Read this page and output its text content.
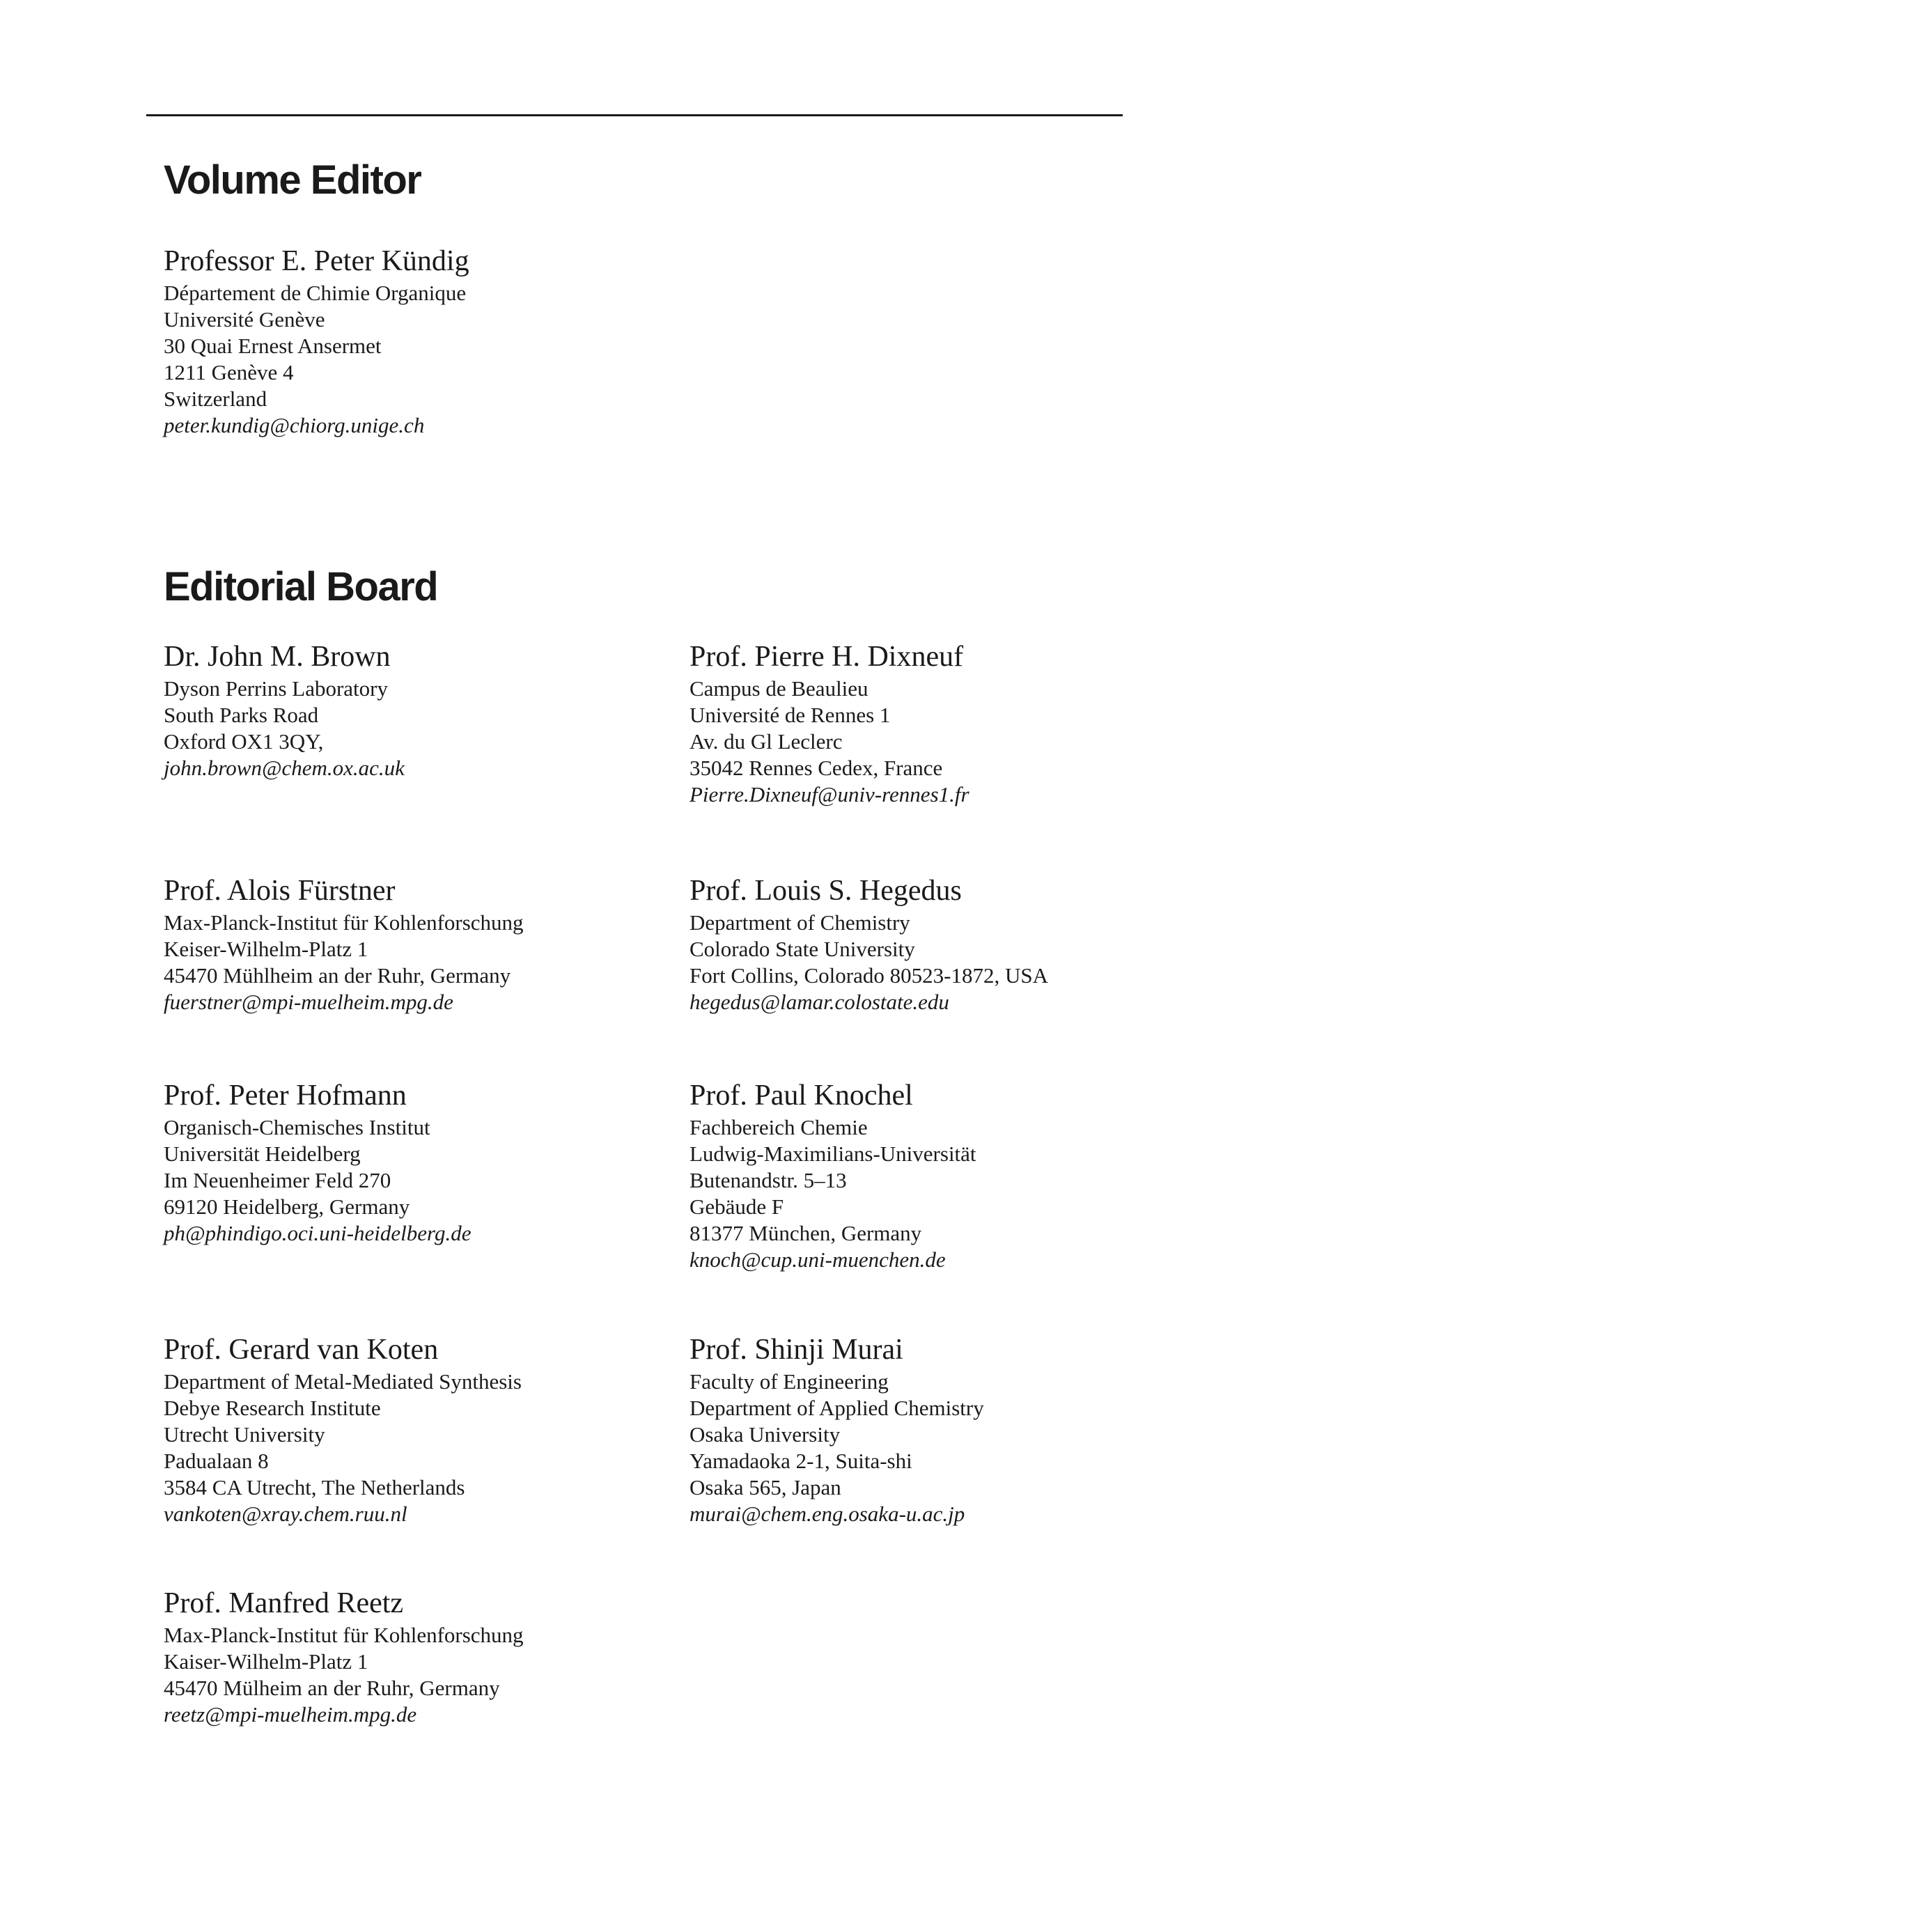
Volume Editor
Professor E. Peter Kündig
Département de Chimie Organique
Université Genève
30 Quai Ernest Ansermet
1211 Genève 4
Switzerland
peter.kundig@chiorg.unige.ch
Editorial Board
Dr. John M. Brown
Dyson Perrins Laboratory
South Parks Road
Oxford OX1 3QY,
john.brown@chem.ox.ac.uk
Prof. Pierre H. Dixneuf
Campus de Beaulieu
Université de Rennes 1
Av. du Gl Leclerc
35042 Rennes Cedex, France
Pierre.Dixneuf@univ-rennes1.fr
Prof. Alois Fürstner
Max-Planck-Institut für Kohlenforschung
Keiser-Wilhelm-Platz 1
45470 Mühlheim an der Ruhr, Germany
fuerstner@mpi-muelheim.mpg.de
Prof. Louis S. Hegedus
Department of Chemistry
Colorado State University
Fort Collins, Colorado 80523-1872, USA
hegedus@lamar.colostate.edu
Prof. Peter Hofmann
Organisch-Chemisches Institut
Universität Heidelberg
Im Neuenheimer Feld 270
69120 Heidelberg, Germany
ph@phindigo.oci.uni-heidelberg.de
Prof. Paul Knochel
Fachbereich Chemie
Ludwig-Maximilians-Universität
Butenandstr. 5–13
Gebäude F
81377 München, Germany
knoch@cup.uni-muenchen.de
Prof. Gerard van Koten
Department of Metal-Mediated Synthesis
Debye Research Institute
Utrecht University
Padualaan 8
3584 CA Utrecht, The Netherlands
vankoten@xray.chem.ruu.nl
Prof. Shinji Murai
Faculty of Engineering
Department of Applied Chemistry
Osaka University
Yamadaoka 2-1, Suita-shi
Osaka 565, Japan
murai@chem.eng.osaka-u.ac.jp
Prof. Manfred Reetz
Max-Planck-Institut für Kohlenforschung
Kaiser-Wilhelm-Platz 1
45470 Mülheim an der Ruhr, Germany
reetz@mpi-muelheim.mpg.de
